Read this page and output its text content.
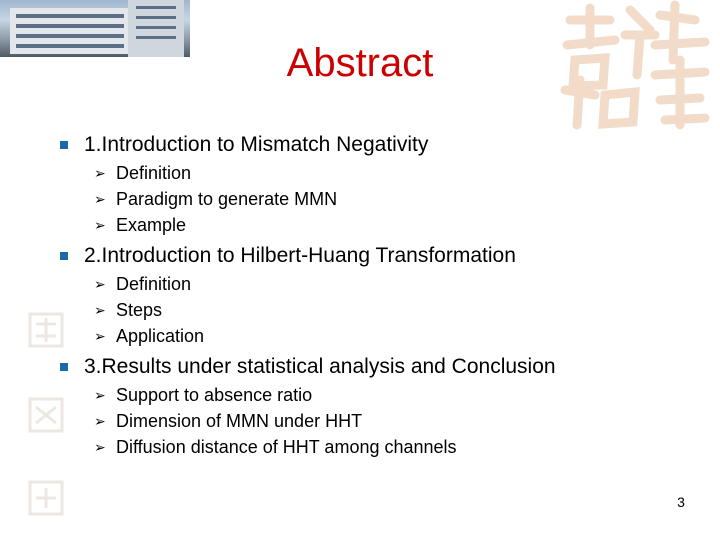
Abstract
1.Introduction to Mismatch Negativity
➢ Definition
➢ Paradigm to generate MMN
➢ Example
2.Introduction to Hilbert-Huang Transformation
➢ Definition
➢ Steps
➢ Application
3.Results under statistical analysis and Conclusion
➢ Support to absence ratio
➢ Dimension of MMN under HHT
➢ Diffusion distance of HHT among channels
3
